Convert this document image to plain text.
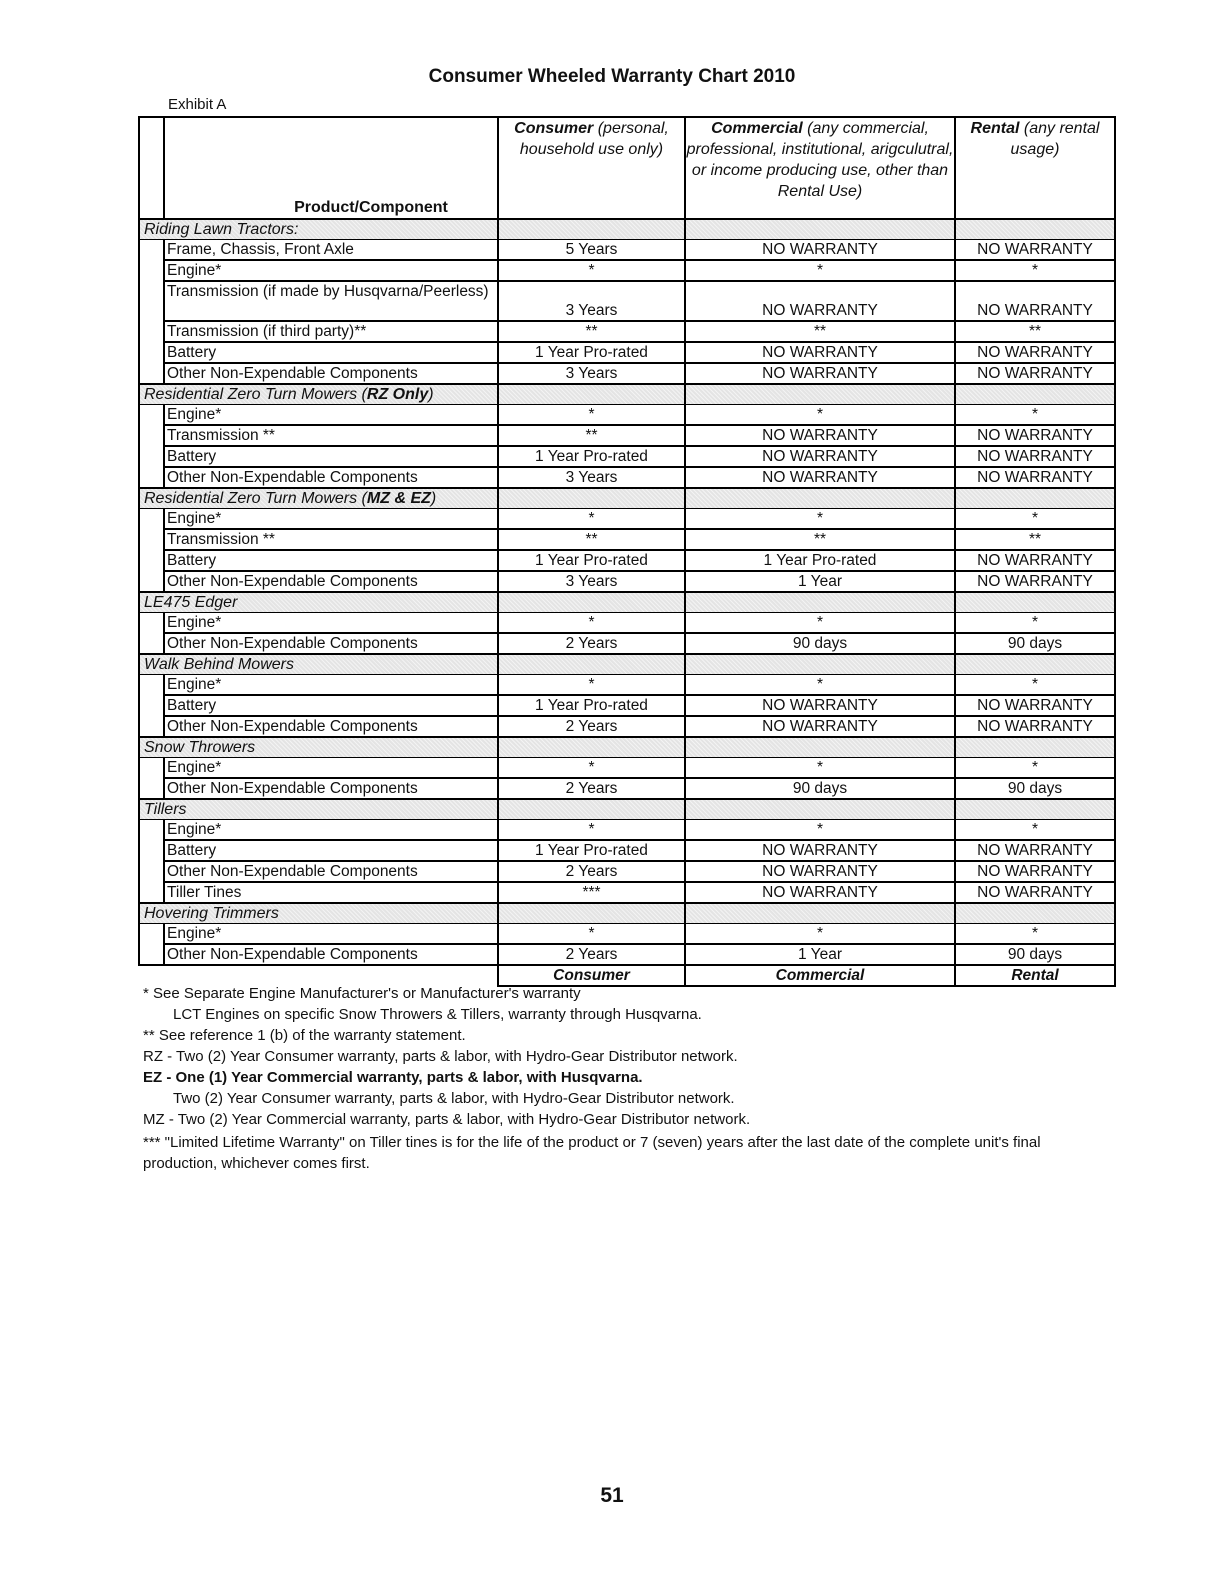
Consumer Wheeled Warranty Chart 2010
Exhibit A
	Product/Component	Consumer (personal, household use only)	Commercial (any commercial, professional, institutional, arigculutral, or income producing use, other than Rental Use)	Rental (any rental usage)
Riding Lawn Tractors:				
	Frame, Chassis, Front Axle	5 Years	NO WARRANTY	NO WARRANTY
	Engine*	*	*	*
	Transmission (if made by Husqvarna/Peerless)	3 Years	NO WARRANTY	NO WARRANTY
	Transmission (if third party)**	**	**	**
	Battery	1 Year Pro-rated	NO WARRANTY	NO WARRANTY
	Other Non-Expendable Components	3 Years	NO WARRANTY	NO WARRANTY
Residential Zero Turn Mowers (RZ Only)				
	Engine*	*	*	*
	Transmission **	**	NO WARRANTY	NO WARRANTY
	Battery	1 Year Pro-rated	NO WARRANTY	NO WARRANTY
	Other Non-Expendable Components	3 Years	NO WARRANTY	NO WARRANTY
Residential Zero Turn Mowers (MZ & EZ)				
	Engine*	*	*	*
	Transmission **	**	**	**
	Battery	1 Year Pro-rated	1 Year Pro-rated	NO WARRANTY
	Other Non-Expendable Components	3 Years	1 Year	NO WARRANTY
LE475 Edger				
	Engine*	*	*	*
	Other Non-Expendable Components	2 Years	90 days	90 days
Walk Behind Mowers				
	Engine*	*	*	*
	Battery	1 Year Pro-rated	NO WARRANTY	NO WARRANTY
	Other Non-Expendable Components	2 Years	NO WARRANTY	NO WARRANTY
Snow Throwers				
	Engine*	*	*	*
	Other Non-Expendable Components	2 Years	90 days	90 days
Tillers				
	Engine*	*	*	*
	Battery	1 Year Pro-rated	NO WARRANTY	NO WARRANTY
	Other Non-Expendable Components	2 Years	NO WARRANTY	NO WARRANTY
	Tiller Tines	***	NO WARRANTY	NO WARRANTY
Hovering Trimmers				
	Engine*	*	*	*
	Other Non-Expendable Components	2 Years	1 Year	90 days
		Consumer	Commercial	Rental

* See Separate Engine Manufacturer's or Manufacturer's warranty

LCT Engines on specific Snow Throwers & Tillers, warranty through Husqvarna.

** See reference 1 (b) of the warranty statement.

RZ - Two (2) Year Consumer warranty, parts & labor, with Hydro-Gear Distributor network.

EZ - One (1) Year Commercial warranty, parts & labor, with Husqvarna.

Two (2) Year Consumer warranty, parts & labor, with Hydro-Gear Distributor network.

MZ - Two (2) Year Commercial warranty, parts & labor, with Hydro-Gear Distributor network.

*** "Limited Lifetime Warranty" on Tiller tines is for the life of the product or 7 (seven) years after the last date of the complete unit's final production, whichever comes first.

51
